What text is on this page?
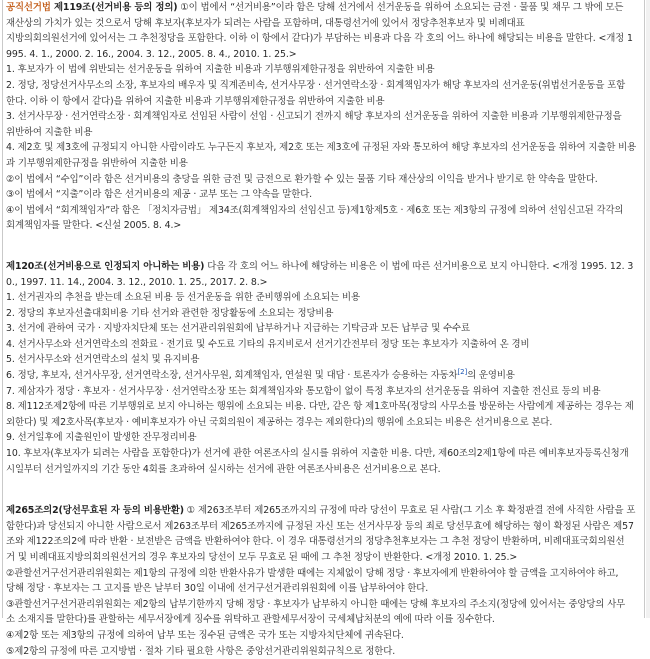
공직선거법 제119조(선거비용 등의 정의) ①이 법에서 “선거비용”이라 함은 당해 선거에서 선거운동을 위하여 소요되는 금전 · 물품 및 채무 그 밖에 모든
재산상의 가치가 있는 것으로서 당해 후보자(후보자가 되려는 사람을 포함하며, 대통령선거에 있어서 정당추천후보자 및 비례대표
지방의회의원선거에 있어서는 그 추천정당을 포함한다. 이하 이 항에서 같다)가 부담하는 비용과 다음 각 호의 어느 하나에 해당되는 비용을 말한다. <개정 1
995. 4. 1., 2000. 2. 16., 2004. 3. 12., 2005. 8. 4., 2010. 1. 25.>
1. 후보자가 이 법에 위반되는 선거운동을 위하여 지출한 비용과 기부행위제한규정을 위반하여 지출한 비용
2. 정당, 정당선거사무소의 소장, 후보자의 배우자 및 직계존비속, 선거사무장 · 선거연락소장 · 회계책임자가 해당 후보자의 선거운동(위법선거운동을 포함
한다. 이하 이 항에서 같다)을 위하여 지출한 비용과 기부행위제한규정을 위반하여 지출한 비용
3. 선거사무장 · 선거연락소장 · 회계책임자로 선임된 사람이 선임 · 신고되기 전까지 해당 후보자의 선거운동을 위하여 지출한 비용과 기부행위제한규정을
위반하여 지출한 비용
4. 제2호 및 제3호에 규정되지 아니한 사람이라도 누구든지 후보자, 제2호 또는 제3호에 규정된 자와 통모하여 해당 후보자의 선거운동을 위하여 지출한 비용
과 기부행위제한규정을 위반하여 지출한 비용
②이 법에서 “수입”이라 함은 선거비용의 충당을 위한 금전 및 금전으로 환가할 수 있는 물품 기타 재산상의 이익을 받거나 받기로 한 약속을 말한다.
③이 법에서 “지출”이라 함은 선거비용의 제공 · 교부 또는 그 약속을 말한다.
④이 법에서 “회계책임자”라 함은 「정치자금법」 제34조(회계책임자의 선임신고 등)제1항제5호 · 제6호 또는 제3항의 규정에 의하여 선임신고된 각각의
회계책임자를 말한다. <신설 2005. 8. 4.>
제120조(선거비용으로 인정되지 아니하는 비용) 다음 각 호의 어느 하나에 해당하는 비용은 이 법에 따른 선거비용으로 보지 아니한다. <개정 1995. 12. 3
0., 1997. 11. 14., 2004. 3. 12., 2010. 1. 25., 2017. 2. 8.>
1. 선거권자의 추천을 받는데 소요된 비용 등 선거운동을 위한 준비행위에 소요되는 비용
2. 정당의 후보자선출대회비용 기타 선거와 관련한 정당활동에 소요되는 정당비용
3. 선거에 관하여 국가 · 지방자치단체 또는 선거관리위원회에 납부하거나 지급하는 기탁금과 모든 납부금 및 수수료
4. 선거사무소와 선거연락소의 전화료 · 전기료 및 수도료 기타의 유지비로서 선거기간전부터 정당 또는 후보자가 지출하여 온 경비
5. 선거사무소와 선거연락소의 설치 및 유지비용
6. 정당, 후보자, 선거사무장, 선거연락소장, 선거사무원, 회계책임자, 연설원 및 대담 · 토론자가 승용하는 자동차[2]의 운영비용
7. 제삼자가 정당 · 후보자 · 선거사무장 · 선거연락소장 또는 회계책임자와 통모함이 없이 특정 후보자의 선거운동을 위하여 지출한 전신료 등의 비용
8. 제112조제2항에 따른 기부행위로 보지 아니하는 행위에 소요되는 비용. 다만, 같은 항 제1호마목(정당의 사무소를 방문하는 사람에게 제공하는 경우는 제
외한다) 및 제2호사목(후보자 · 예비후보자가 아닌 국회의원이 제공하는 경우는 제외한다)의 행위에 소요되는 비용은 선거비용으로 본다.
9. 선거일후에 지출원인이 발생한 잔무정리비용
10. 후보자(후보자가 되려는 사람을 포함한다)가 선거에 관한 여론조사의 실시를 위하여 지출한 비용. 다만, 제60조의2제1항에 따른 예비후보자등록신청개
시일부터 선거일까지의 기간 동안 4회를 초과하여 실시하는 선거에 관한 여론조사비용은 선거비용으로 본다.
제265조의2(당선무효된 자 등의 비용반환) ① 제263조부터 제265조까지의 규정에 따라 당선이 무효로 된 사람(그 기소 후 확정판결 전에 사직한 사람을 포
함한다)과 당선되지 아니한 사람으로서 제263조부터 제265조까지에 규정된 자신 또는 선거사무장 등의 죄로 당선무효에 해당하는 형이 확정된 사람은 제57
조와 제122조의2에 따라 반환 · 보전받은 금액을 반환하여야 한다. 이 경우 대통령선거의 정당추천후보자는 그 추천 정당이 반환하며, 비례대표국회의원선
거 및 비례대표지방의회의원선거의 경우 후보자의 당선이 모두 무효로 된 때에 그 추천 정당이 반환한다. <개정 2010. 1. 25.>
②관할선거구선거관리위원회는 제1항의 규정에 의한 반환사유가 발생한 때에는 지체없이 당해 정당 · 후보자에게 반환하여야 할 금액을 고지하여야 하고,
당해 정당 · 후보자는 그 고지를 받은 날부터 30일 이내에 선거구선거관리위원회에 이를 납부하여야 한다.
③관할선거구선거관리위원회는 제2항의 납부기한까지 당해 정당 · 후보자가 납부하지 아니한 때에는 당해 후보자의 주소지(정당에 있어서는 중앙당의 사무
소 소재지를 말한다)를 관할하는 세무서장에게 징수를 위탁하고 관할세무서장이 국세체납처분의 예에 따라 이를 징수한다.
④제2항 또는 제3항의 규정에 의하여 납부 또는 징수된 금액은 국가 또는 지방자치단체에 귀속된다.
⑤제2항의 규정에 따른 고지방법 · 절차 기타 필요한 사항은 중앙선거관리위원회규칙으로 정한다.
